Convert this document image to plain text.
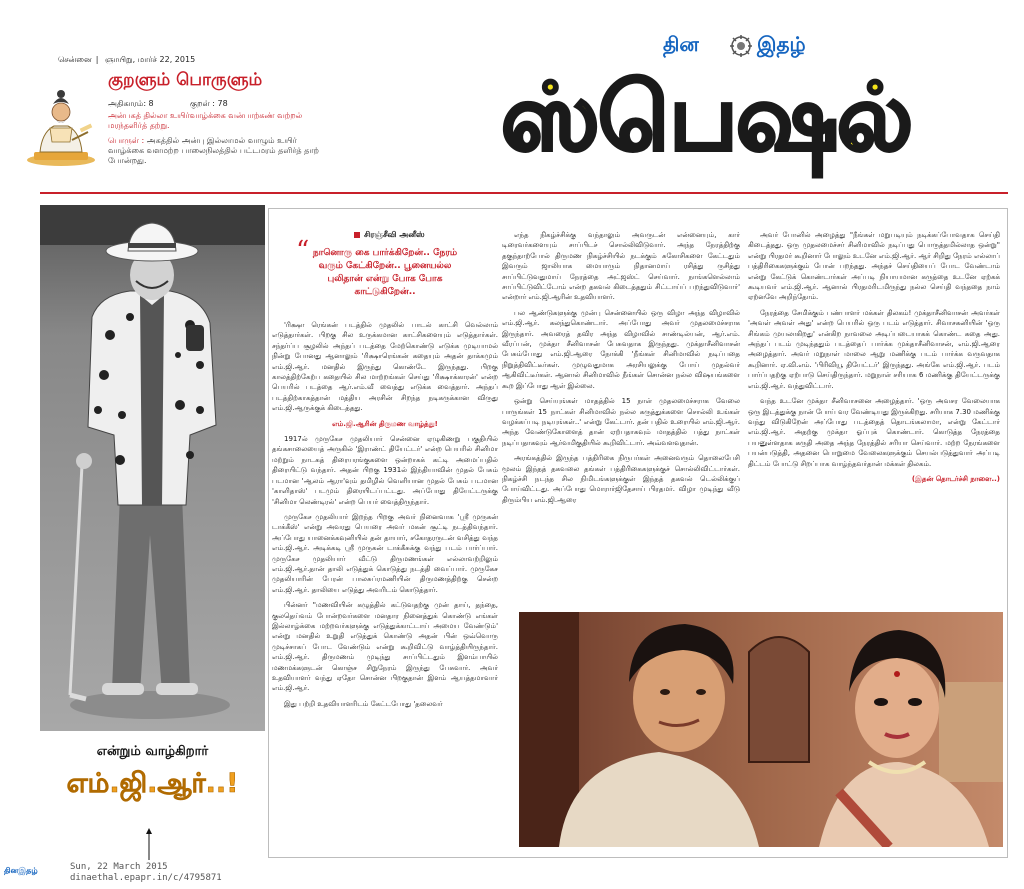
சென்னை | ஞாயிறு, மார்ச் 22, 2015
குறளும் பொருளும்
அதிகாரம்: 8	குறள் : 78
அன்பகத் தில்லா உயிர்வாழ்க்கை வன்பாற்கண் வற்றல் மரந்தளிர்த் தற்று.
பொருள் : அகத்தில் அன்பு இல்லாமல் வாழும் உயிர் வாழ்க்கை வளமற்ற பாலைநிலத்தில் பட்டமரம் தளிர்த் தாற் போன்றது.
தின	இதழ்
ஸ்பெஷல்
என்றும் வாழ்கிறார்
எம்.ஜி.ஆர்..!
சிரஞ்சீவி அனீஸ்
“ நானொரு கை பார்க்கிறேன்.. நேரம் வரும் கேட்கிறேன்.. பூனையல்ல புலிதான் என்று போக போக காட்டுகிறேன்..

'ரிக்ஷா ரெங்கன் படத்தில் முதலில் பாடல் காட்சி வெல்லாம் எடுத்தார்கள். பிறகு சில உருக்கமான காட்சிகளையும் எடுத்தார்கள். சந்தர்ப்ப சூழலில் அந்தப் படத்தை மேற்கொண்டு எடுக்க முடியாமல் நின்று போனது ஆனாலும் 'ரிக்ஷாரெங்கன் கதையும் அதன் தாக்கமும் எம்.ஜி.ஆர். மனதில் இருந்து கொண்டே இருந்தது. பிறகு காலத்திற்கேற்ப கதையில் சில மாற்றங்கள் செய்து 'ரிக்ஷாக்காரன்' என்ற பெயரில் படத்தை ஆர்.எம்.வீ வைத்து எடுக்க வைத்தார். அந்தப் படத்திற்காகத்தான் மத்திய அரசின் சிறந்த நடிகருக்கான விருது எம்.ஜி.ஆருக்குக் கிடைத்தது.

எம்.ஜி.ஆரின் திருமண வாழ்த்து!

1917ல் முருகேச முதலியார் சென்னை ஏழுகிணறு பகுதியில் தங்கசாலையைத் அருகில் 'இராண்ட் தியேட்டர்' என்ற பெயரில் சினிமா மற்றும் நாடகத் திரையரங்குகளை ஒன்றாகக் கட்டி அமைப்பதில் திரையிட்டு வந்தார். அதன் பிறகு 1931ல் இந்தியாவின் முதல் பேசும் படமான 'ஆலம் ஆரா'வும் தமிழில் வெளியான முதல் பேசும் படமான 'காளிதாஸ்' படமும் திரையிடப்பட்டது. அப்போது தியேட்டருக்கு 'சினிமா லெண்டிரல்' என்ற பெயர் வைத்திருந்தார்.

முருகேச முதலியார் இறந்த பிறகு அவர் நினைவாக 'ஸ்ரீ முருகன் டாக்கீஸ்' என்று அவரது பெயரை அவர் மகன் சூட்டி நடத்திவந்தார். அப்போது யானைக்கவுனியில் தன் தாயார், சகோதரருடன் வசித்து வந்த எம்.ஜி.ஆர். அடிக்கடி ஸ்ரீ முருகன் டாக்கீசுக்கு வந்து படம் பார்ப்பார். முருகேச முதலியார் வீட்டு திருமணங்கள் எல்லாவற்றிலும் எம்.ஜி.ஆர்.தான் தாலி எடுத்துக் கொடுத்து நடத்தி வைப்பார். முருகேச முதலியாரின் பேரன் பாலசுப்ரமணியின் திருமணத்திற்கு சென்ற எம்.ஜி.ஆர். தாலியை எடுத்து அவரிடம் கொடுத்தார்.

பின்னர் "மணவியின் கழுத்தில் கட்டுவதற்கு முன் தாய், தந்தை, குலதெய்வம் போன்றவர்களை மனதார நினைத்துக் கொண்டு எங்கள் இல்லாழ்க்கை மற்றவர்களுக்கு எடுத்துக்காட்டாய் அமைய வேண்டும்' என்று மனதில் உறுதி எடுத்துக் கொண்டு அதன் பின் ஒவ்வொரு முடிச்சாகப் போட வேண்டும் என்று கூறிவிட்டு வாழ்த்தியிருந்தார். எம்.ஜி.ஆர். திருமணம் முடிந்து சாப்பிட்டதும் இளம்பாயில் மணமக்களுடன் கொஞ்ச சிறுநேரம் இருந்து பேசுவார். அவர் உதவியாளர் வந்து ஏதோ சொன்ன பிறகுதான் இளம் ஆயத்தமாவார் எம்.ஜி.ஆர்.

இது பற்றி உதவியாளரிடம் கேட்டபோது 'தலைவர்

எந்த நிகழ்ச்சிக்கு வந்தாலும் அவருடன் என்னையும், கார் டிரைவர்களையும் சாப்பிடச் சொல்லிவிடுவார். அந்த நேரத்திற்கு தகுந்தாற்போல் திருமண நிகழ்ச்சியில் நடக்கும் சுகோசிகளை கேட்டதும் இவரும் ஜாலியாக மையாரும் நிதானமாய் ரசித்து ருசித்து சாப்பிட்டுவதுமாய் நேரத்தை அட்ஜஸ்ட் செய்வார். நாங்களெல்லாம் சாப்பிட்டுவிட்டோம் என்ற தகவல் கிடைத்ததும் சிட்டாய்ப் பறந்துவிடுவார்' என்றார் எம்.ஜி.ஆரின் உதவியாளர்.

பல ஆண்டுகளுக்கு முன்பு சென்னையில் ஒரு விழா அந்த விழாவில் எம்.ஜி.ஆர். கலந்துகொண்டார். அப்போது அவர் முதலமைச்சராக இருந்தார். அவரைத் தவிர அந்த விழாவில் சாண்டில்யன், ஆர்.எம். வீரப்பன், முக்தா சீனிவாசன் பேசுவதாக இருந்தது. முக்தாசீனிவாசன் பேசும்போது எம்.ஜி.ஆரை நோக்கி 'நீங்கள் சினிமாவில் நடிப்பதை நிறுத்திவிட்டீர்கள். முழுவதுமாக அரசியலுக்கு போய் முதல்வர் ஆகிவிட்டீர்கள். ஆனால் சினிமாவில் நீங்கள் சொன்ன நல்ல விஷயங்களை கூற இப்போது ஆள் இல்லை.

ஒன்று செய்யுங்கள் மாதத்தில் 15 நாள் முதலமைச்சராக வேலை பாருங்கள் 15 நாட்கள் சினிமாவில் நல்ல கருத்துக்களை சொல்லி உங்கள் வழக்கப்படி நடியுங்கள்..' என்று கேட்டார். தன் பதில் உரையில் எம்.ஜி.ஆர். அந்த வேண்டுகோளைத் தான் ஏற்பதாகவும் மாதத்தில் பத்து நாட்கள் நடிப்பதாகவும் ஆர்வமிகுதியில் கூறிவிட்டார். அவ்வளவுதான்.

அரங்கத்தில் இருந்த பத்திரிகை நிருபர்கள் அனைவரும் தொலைபேசி மூலம் இந்தத் தகவலை தங்கள் பத்திரிகைகளுக்குச் சொல்லிவிட்டார்கள். நிகழ்ச்சி நடந்த சில நிமிடங்களுக்குள் இந்தத் தகவல் டெல்லிக்குப் போய்விட்டது. அப்போது மொரார்ஜிதேசாய் பிரதமர். விழா முடிந்து வீடு திரும்பிய எம்.ஜி.ஆரை

அவர் போனில் அழைத்து "நீங்கள் மறுபடியும் நடிக்கப்போவதாக செய்தி கிடைத்தது. ஒரு முதலமைச்சர் சினிமாவில் நடிப்பது பொருத்தமில்லாத ஒன்று" என்று பிரதமர் கூறினார் போலும் உடனே எம்.ஜி.ஆர். ஆர் சிறிது நேரம் எல்லாப் பத்திரிகைகளுக்கும் போன் பறந்தது. அந்தச் செய்தியைப் போட வேண்டாம் என்று கேட்டுக் கொண்டார்கள் அப்படி நியாயமான கருத்தை உடனே ஏற்கக் கூடியவர் எம்.ஜி.ஆர். ஆனால் பிரதமரிடமிருந்து நல்ல செய்தி வந்ததை நாம் ஏற்னவே அறிந்தோம்.

நேரத்தை சேமிக்கும் பண்பாளர் மக்கள் திலகம்! முக்தாசீனிவாசன் அவர்கள் 'அவள் அவள் அது' என்ற பெயரில் ஒரு படம் எடுத்தார். சிவாசகனியின் 'ஒரு சிங்கம் முயலாகிறது' என்கிற நாவலை அடிப்படையாகக் கொண்ட கதை அது. அந்தப் படம் முடிந்ததும் படத்தைப் பார்க்க முக்தாசீனிவாசன், எம்.ஜி.ஆரை அழைத்தார். அவர் மறுநாள் மாலை ஆறு மணிக்கு படம் பார்க்க வருவதாக கூறினார். ஏ.வி.எம். 'பிரிவியூ தியேட்டர்' இருந்தது. அங்கே எம்.ஜி.ஆர். படம் பார்ப்பதற்கு ஏற்பாடு செய்திருந்தார். மறுநாள் சரியாக 6 மணிக்கு தியேட்டருக்கு எம்.ஜி.ஆர். வந்துவிட்டார்.

வந்த உடனே முக்தா சீனிவாசனை அழைத்தார். 'ஒரு அவசர வேலையாக ஒரு இடத்துக்கு நான் போய் வர வேண்டியது இருக்கிறது. சரியாக 7.30 மணிக்கு வந்து விடுகிறேன் அப்போது படத்தைத் தொடங்கலாமா, என்று கேட்டார் எம்.ஜி.ஆர். அதற்கு முக்தா ஓப்புக் கொண்டார். கொடுத்த நேரத்தை பயனுள்ளதாக கருதி அதை அந்த நேரத்தில் சரியா செய்வார். மற்ற நேரங்களை பயன்படுத்தி, அதனை பொறுமை வேலைகளுக்கும் செயல்படுத்துவார் அப்படி திட்டம் போட்டு சிறப்பாக வாழ்ந்தவர்தான் மக்கள் திலகம்.

(இதன் தொடர்ச்சி நாளை..)

தினஇதழ்	Sun, 22 March 2015
dinaethal.epapr.in/c/4795871
